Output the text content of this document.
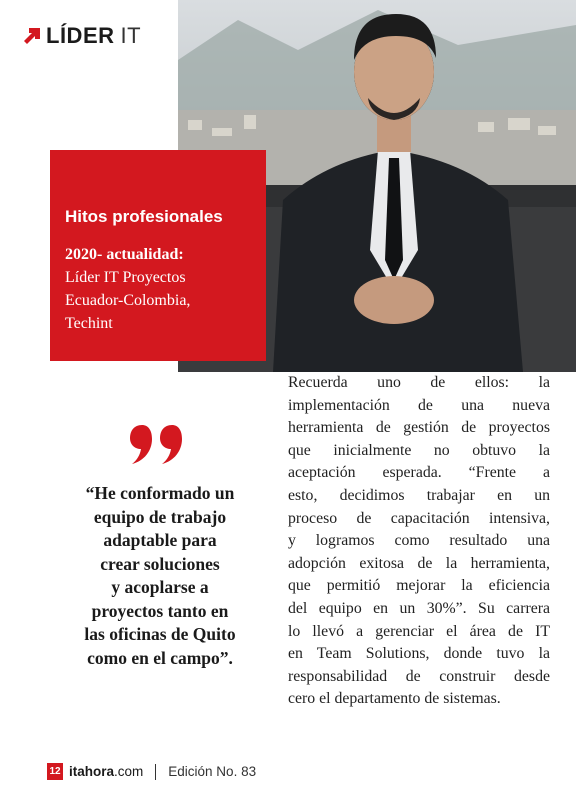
LÍDER IT
Hitos profesionales
2020- actualidad:
Líder IT Proyectos
Ecuador-Colombia,
Techint
“He conformado un
equipo de trabajo
adaptable para
crear soluciones
y acoplarse a
proyectos tanto en
las oficinas de Quito
como en el campo”.
Recuerda uno de ellos: la
implementación de una nueva
herramienta de gestión de proyectos
que inicialmente no obtuvo la
aceptación esperada. “Frente a
esto, decidimos trabajar en un
proceso de capacitación intensiva,
y logramos como resultado una
adopción exitosa de la herramienta,
que permitió mejorar la eficiencia
del equipo en un 30%”. Su carrera
lo llevó a gerenciar el área de IT
en Team Solutions, donde tuvo la
responsabilidad de construir desde
cero el departamento de sistemas.
12 itahora.com Edición No. 83
